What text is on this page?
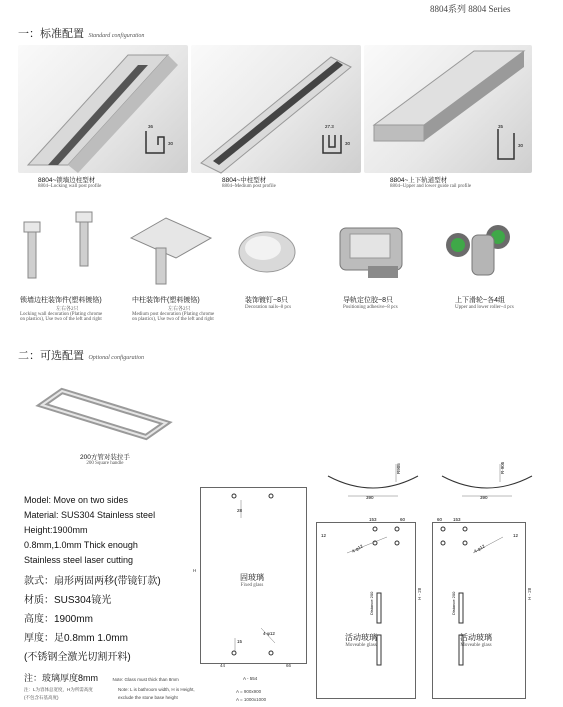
8804系列 8804 Series
一：标准配置 Standard configuration
36
30
27.3
30
35
30
8804~锁墙边柱型材
8804~Locking wall post profile
8804~中柱型材
8804~Medium post profile
8804~上下轨道型材
8804~Upper and lower guide rail profile
锁墙边柱装饰件(塑料镀铬)
左右各2只
Locking wall decoration (Plating chrome
on plastics), Use two of the left and right
中柱装饰件(塑料镀铬)
左右各2只
Medium post decoration (Plating chrome
on plastics), Use two of the left and right
装饰镀钉~8只
Decoration nails~8 pcs
导轨定位胶~8只
Positioning adhesive~8 pcs
上下滑轮~各4组
Upper and lower roller~4 pcs
二：可选配置 Optional configuration
200方管对装拉手
200 Square handle
Model: Move on two sides
Material: SUS304 Stainless steel
Height:1900mm
0.8mm,1.0mm Thick enough
Stainless steel laser cutting
款式：扇形两固两移(带镜钉款)
材质：SUS304镜光
高度：1900mm
厚度：足0.8mm 1.0mm
(不锈钢全激光切割开料)
注：玻璃厚度8mm	Note: Glass must thick than 8mm
注：L为容体总宽度，H为所需高度
(不包含石基高度)
Note: L is bathroom width, H is Height,
exclude the stone base height
28
15
4-φ12
H
固玻璃
Fixed glass
44	66
A - 554
A = 900x900
A = 1000x1000
R905
390
153	60
12
4-φ12
Distance 200	H - 28
活动玻璃
Moveable glass
R-905
390
153
60
12
4-φ12
Distance 200	H - 28
活动玻璃
Moveable glass
